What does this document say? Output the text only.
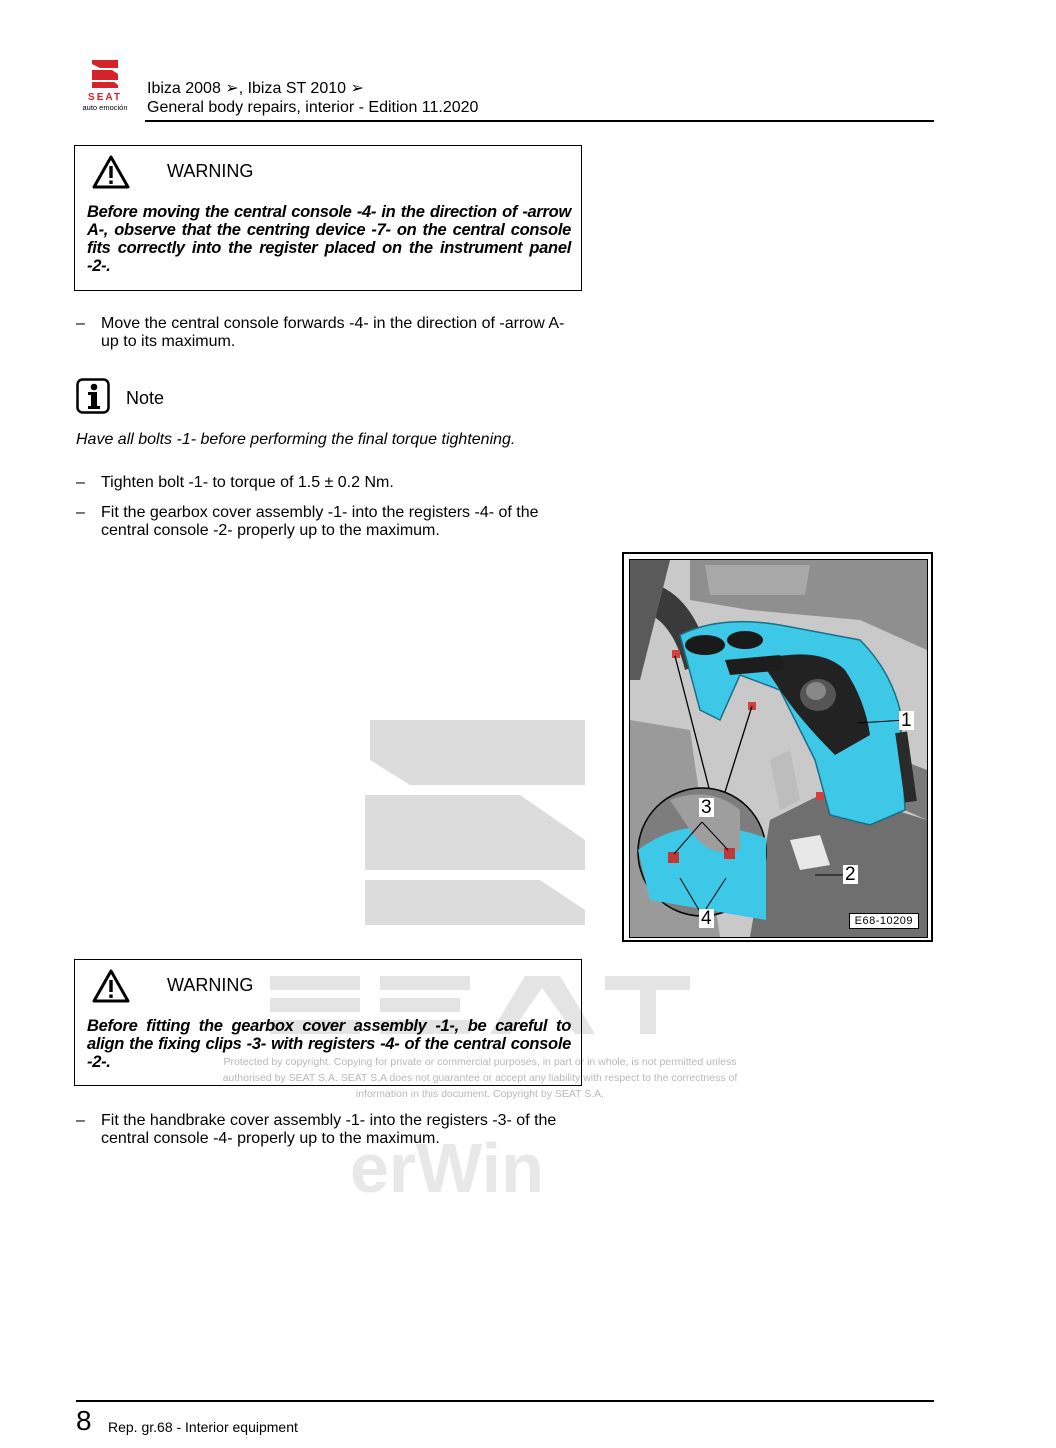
Protected by copyright. Copying for private or commercial purposes, in part or in whole, is not permitted unless authorised by SEAT S.A. SEAT S.A does not guarantee or accept any liability with respect to the correctness of information in this document. Copyright by SEAT S.A.
erWin
SEAT
auto emoción
Ibiza 2008 ➢, Ibiza ST 2010 ➢
General body repairs, interior - Edition 11.2020
WARNING
Before moving the central console -4- in the direction of -arrow A-, observe that the centring device -7- on the central console fits correctly into the register placed on the instrument panel -2-.
– Move the central console forwards -4- in the direction of -arrow A- up to its maximum.
Note
Have all bolts -1- before performing the final torque tightening.
– Tighten bolt -1- to torque of 1.5 ± 0.2 Nm.
– Fit the gearbox cover assembly -1- into the registers -4- of the central console -2- properly up to the maximum.
1
2
3
4	E68-10209
WARNING
Before fitting the gearbox cover assembly -1-, be careful to align the fixing clips -3- with registers -4- of the central console -2-.
– Fit the handbrake cover assembly -1- into the registers -3- of the central console -4- properly up to the maximum.
8 Rep. gr.68 - Interior equipment
